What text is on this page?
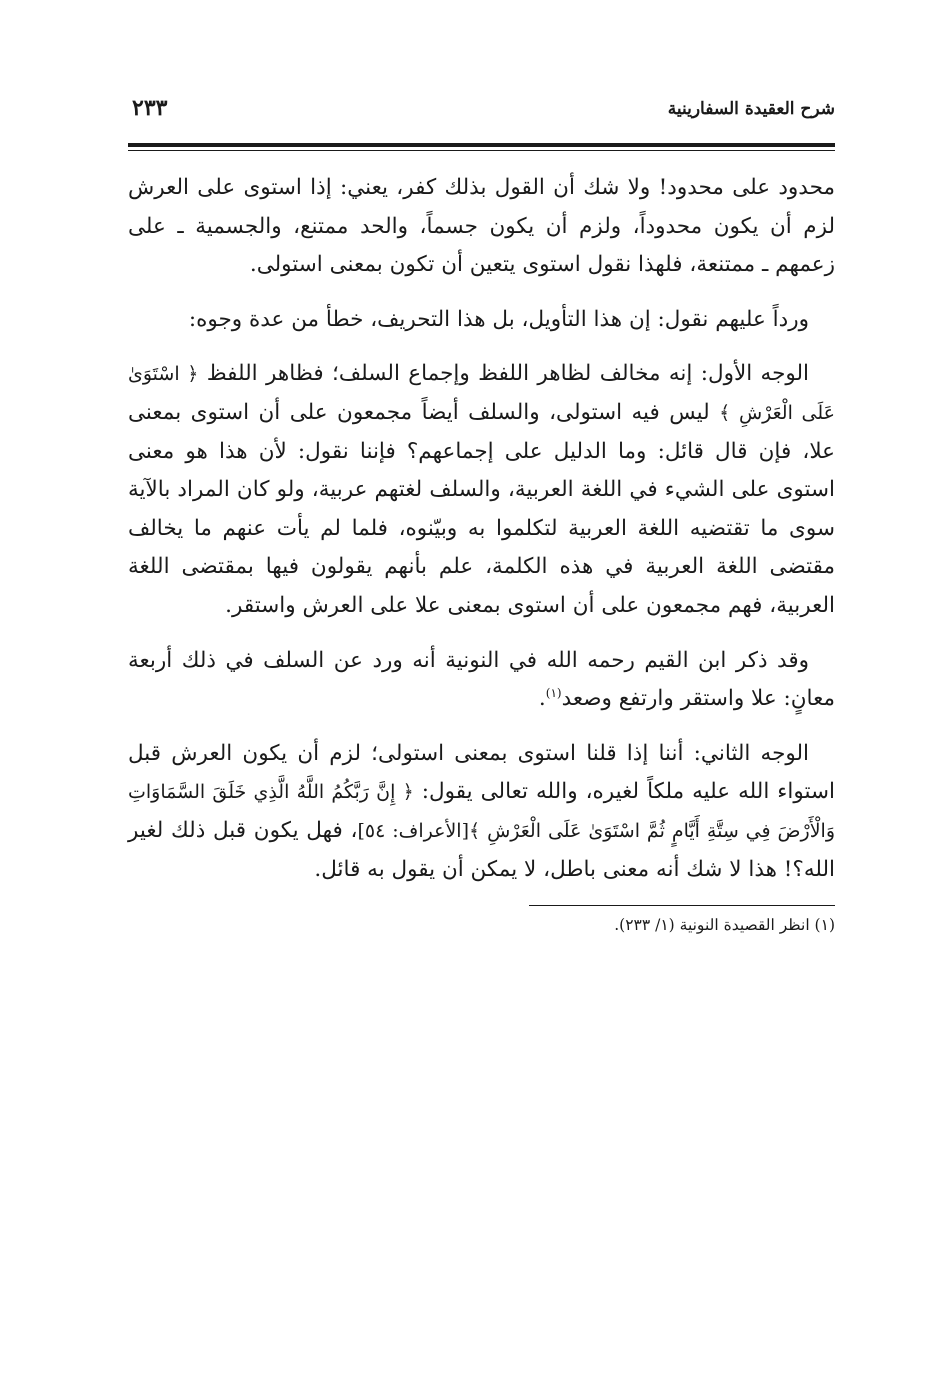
شرح العقيدة السفارينية
٢٣٣

محدود على محدود! ولا شك أن القول بذلك كفر، يعني: إذا استوى على العرش لزم أن يكون محدوداً، ولزم أن يكون جسماً، والحد ممتنع، والجسمية ـ على زعمهم ـ ممتنعة، فلهذا نقول استوى يتعين أن تكون بمعنى استولى.

ورداً عليهم نقول: إن هذا التأويل، بل هذا التحريف، خطأ من عدة وجوه:

الوجه الأول: إنه مخالف لظاهر اللفظ وإجماع السلف؛ فظاهر اللفظ ﴿ اسْتَوَىٰ عَلَى الْعَرْشِ ﴾ ليس فيه استولى، والسلف أيضاً مجمعون على أن استوى بمعنى علا، فإن قال قائل: وما الدليل على إجماعهم؟ فإننا نقول: لأن هذا هو معنى استوى على الشيء في اللغة العربية، والسلف لغتهم عربية، ولو كان المراد بالآية سوى ما تقتضيه اللغة العربية لتكلموا به وبيّنوه، فلما لم يأت عنهم ما يخالف مقتضى اللغة العربية في هذه الكلمة، علم بأنهم يقولون فيها بمقتضى اللغة العربية، فهم مجمعون على أن استوى بمعنى علا على العرش واستقر.

وقد ذكر ابن القيم رحمه الله في النونية أنه ورد عن السلف في ذلك أربعة معانٍ: علا واستقر وارتفع وصعد$^{(١)}$.

الوجه الثاني: أننا إذا قلنا استوى بمعنى استولى؛ لزم أن يكون العرش قبل استواء الله عليه ملكاً لغيره، والله تعالى يقول: ﴿ إِنَّ رَبَّكُمُ اللَّهُ الَّذِي خَلَقَ السَّمَاوَاتِ وَالْأَرْضَ فِي سِتَّةِ أَيَّامٍ ثُمَّ اسْتَوَىٰ عَلَى الْعَرْشِ ﴾[الأعراف: ٥٤]، فهل يكون قبل ذلك لغير الله؟! هذا لا شك أنه معنى باطل، لا يمكن أن يقول به قائل.

(١) انظر القصيدة النونية (١/ ٢٣٣).
